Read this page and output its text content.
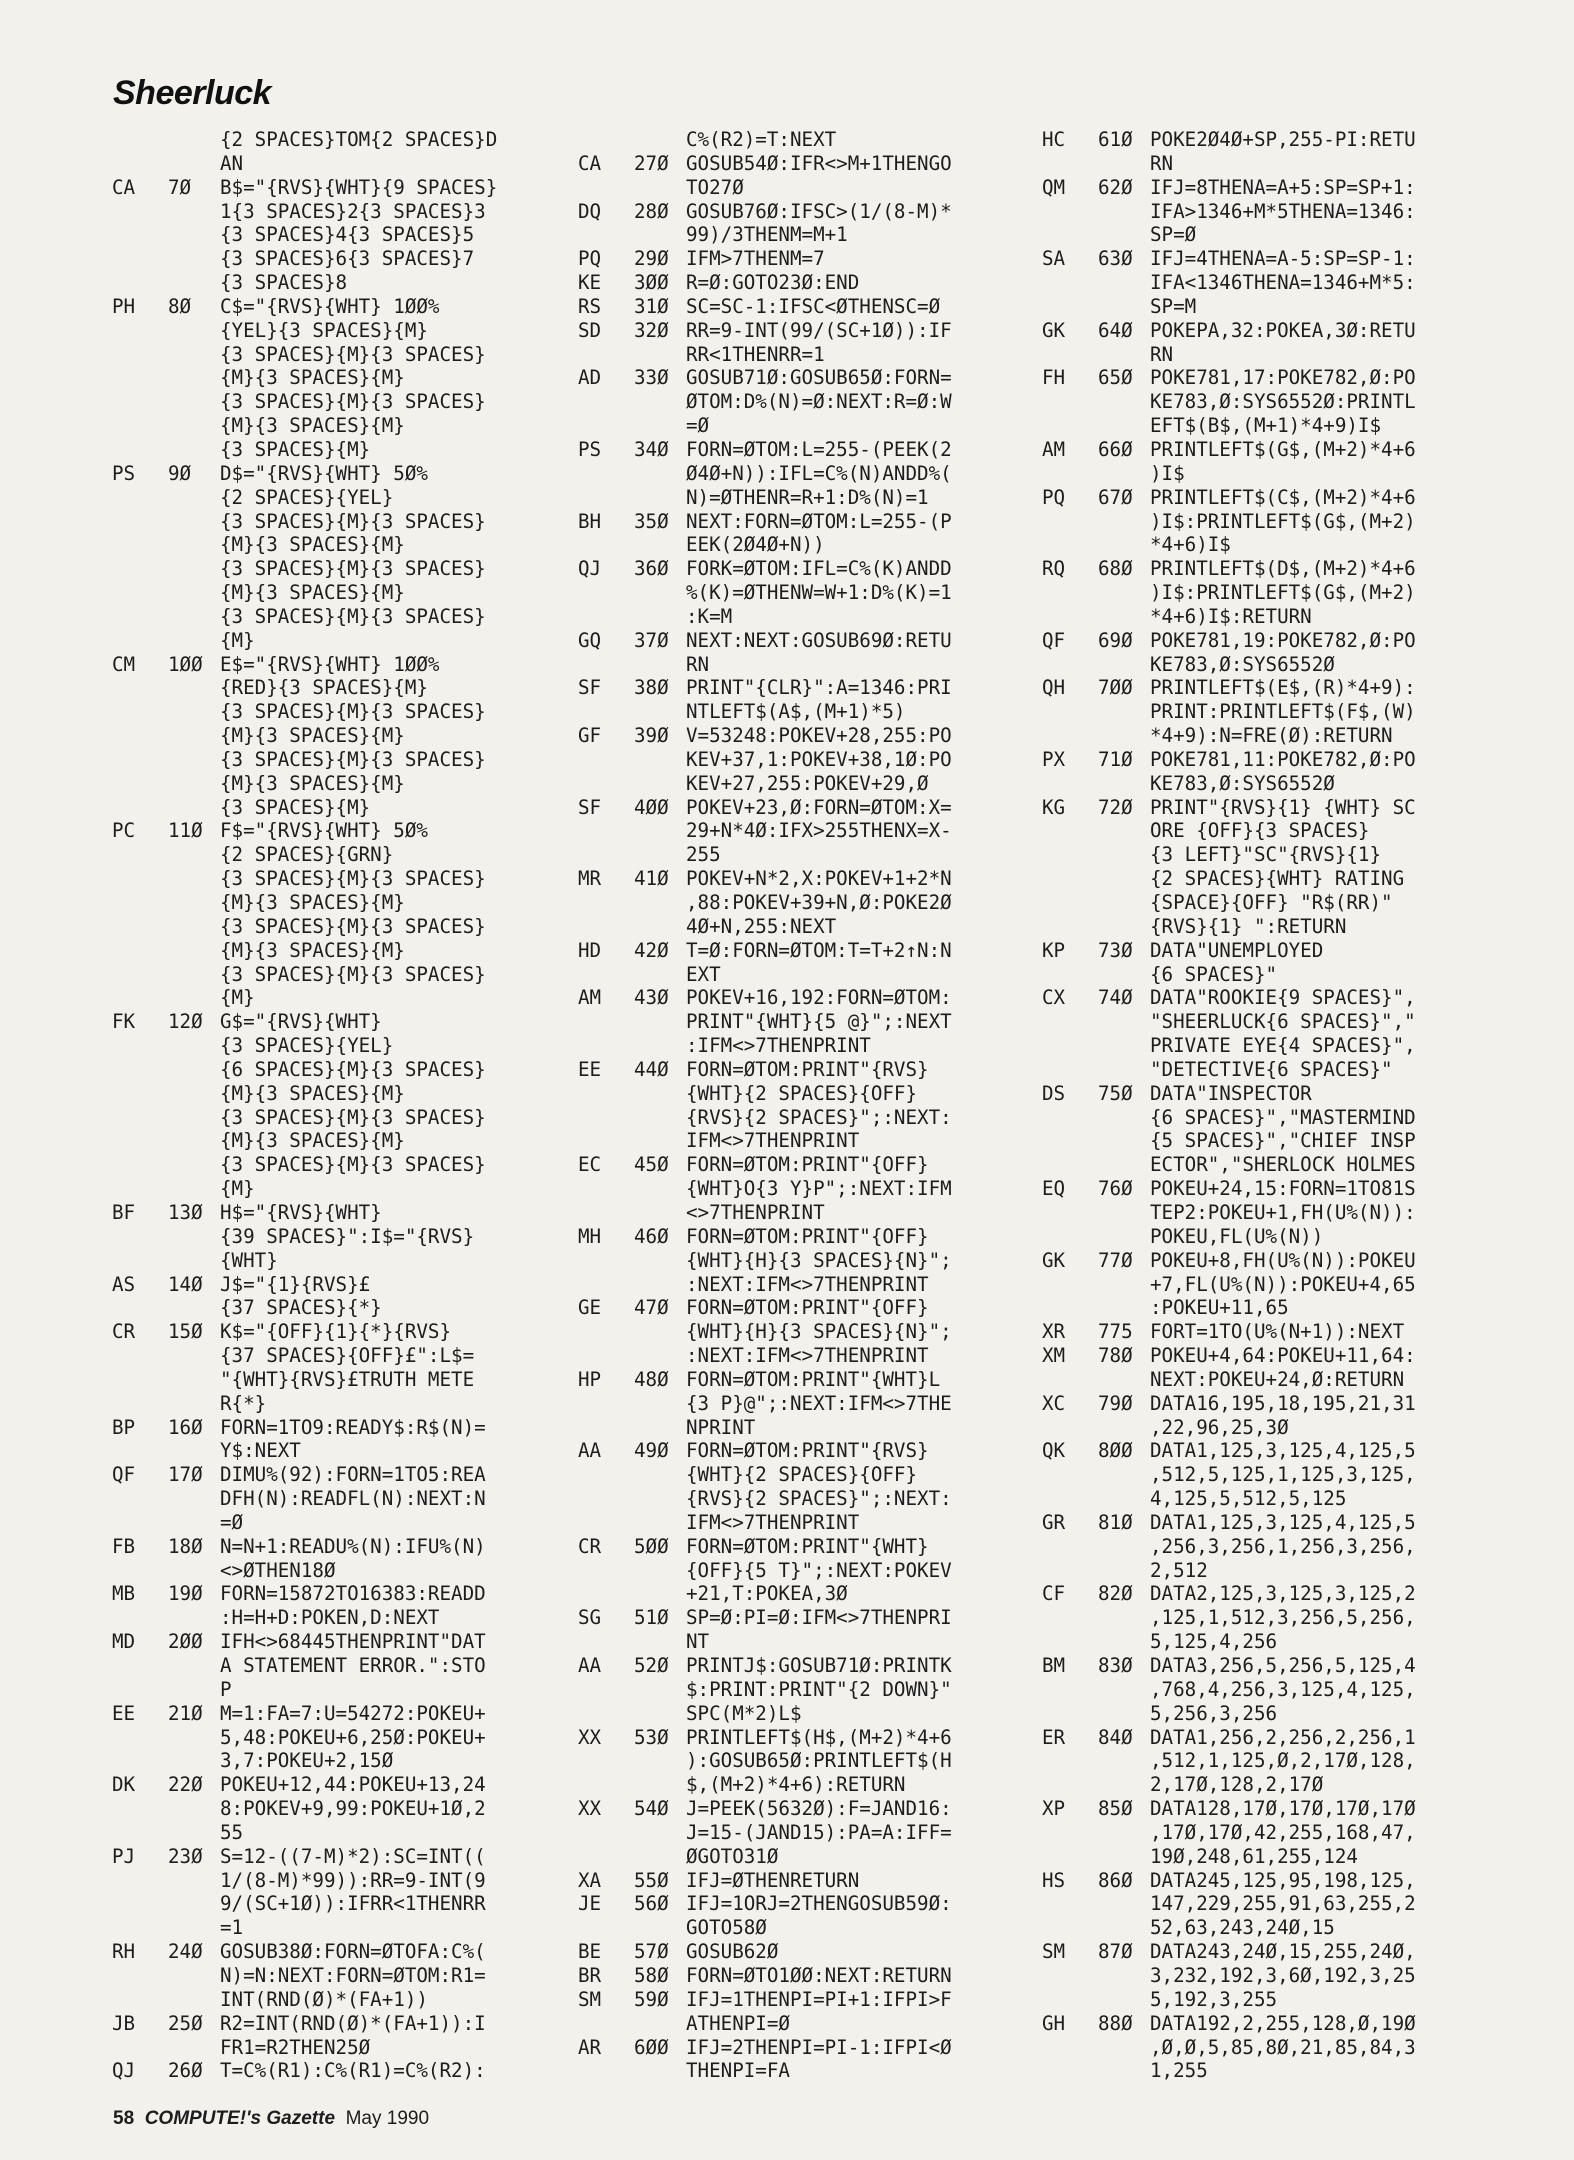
Sheerluck
{2 SPACES}TOM{2 SPACES}D
AN
CA 7Ø B$="{RVS}{WHT}{9 SPACES}
1{3 SPACES}2{3 SPACES}3
{3 SPACES}4{3 SPACES}5
{3 SPACES}6{3 SPACES}7
{3 SPACES}8
PH 8Ø C$="{RVS}{WHT} 1ØØ%
{YEL}{3 SPACES}{M}
{3 SPACES}{M}{3 SPACES}
{M}{3 SPACES}{M}
{3 SPACES}{M}{3 SPACES}
{M}{3 SPACES}{M}
{3 SPACES}{M}
PS 9Ø D$="{RVS}{WHT} 5Ø%
{2 SPACES}{YEL}
{3 SPACES}{M}{3 SPACES}
{M}{3 SPACES}{M}
{3 SPACES}{M}{3 SPACES}
{M}{3 SPACES}{M}
{3 SPACES}{M}{3 SPACES}
{M}
CM 1ØØ E$="{RVS}{WHT} 1ØØ%
{RED}{3 SPACES}{M}
{3 SPACES}{M}{3 SPACES}
{M}{3 SPACES}{M}
{3 SPACES}{M}{3 SPACES}
{M}{3 SPACES}{M}
{3 SPACES}{M}
PC 11Ø F$="{RVS}{WHT} 5Ø%
{2 SPACES}{GRN}
{3 SPACES}{M}{3 SPACES}
{M}{3 SPACES}{M}
{3 SPACES}{M}{3 SPACES}
{M}{3 SPACES}{M}
{3 SPACES}{M}{3 SPACES}
{M}
FK 12Ø G$="{RVS}{WHT}
{3 SPACES}{YEL}
{6 SPACES}{M}{3 SPACES}
{M}{3 SPACES}{M}
{3 SPACES}{M}{3 SPACES}
{M}{3 SPACES}{M}
{3 SPACES}{M}{3 SPACES}
{M}
BF 13Ø H$="{RVS}{WHT}
{39 SPACES}":I$="{RVS}
{WHT}
AS 14Ø J$="{1}{RVS}£
{37 SPACES}{*}
CR 15Ø K$="{OFF}{1}{*}{RVS}
{37 SPACES}{OFF}£":L$=
"{WHT}{RVS}£TRUTH METE
R{*}
BP 16Ø FORN=1TO9:READY$:R$(N)=
Y$:NEXT
QF 17Ø DIMU%(92):FORN=1TO5:REA
DFH(N):READFL(N):NEXT:N
=Ø
FB 18Ø N=N+1:READU%(N):IFU%(N)
<>ØTHEN18Ø
MB 19Ø FORN=15872TO16383:READD
:H=H+D:POKEN,D:NEXT
MD 2ØØ IFH<>68445THENPRINT"DAT
A STATEMENT ERROR.":STO
P
EE 21Ø M=1:FA=7:U=54272:POKEU+
5,48:POKEU+6,25Ø:POKEU+
3,7:POKEU+2,15Ø
DK 22Ø POKEU+12,44:POKEU+13,24
8:POKEV+9,99:POKEU+1Ø,2
55
PJ 23Ø S=12-((7-M)*2):SC=INT((
1/(8-M)*99)):RR=9-INT(9
9/(SC+1Ø)):IFRR<1THENRR
=1
RH 24Ø GOSUB38Ø:FORN=ØTOFA:C%(
N)=N:NEXT:FORN=ØTOM:R1=
INT(RND(Ø)*(FA+1))
JB 25Ø R2=INT(RND(Ø)*(FA+1)):I
FR1=R2THEN25Ø
QJ 26Ø T=C%(R1):C%(R1)=C%(R2):
C%(R2)=T:NEXT
CA 27Ø GOSUB54Ø:IFR<>M+1THENGO
TO27Ø
DQ 28Ø GOSUB76Ø:IFSC>(1/(8-M)*
99)/3THENM=M+1
PQ 29Ø IFM>7THENM=7
KE 3ØØ R=Ø:GOTO23Ø:END
RS 31Ø SC=SC-1:IFSC<ØTHENSC=Ø
SD 32Ø RR=9-INT(99/(SC+1Ø)):IF
RR<1THENRR=1
AD 33Ø GOSUB71Ø:GOSUB65Ø:FORN=
ØTOM:D%(N)=Ø:NEXT:R=Ø:W
=Ø
PS 34Ø FORN=ØTOM:L=255-(PEEK(2
Ø4Ø+N)):IFL=C%(N)ANDD%(
N)=ØTHENR=R+1:D%(N)=1
BH 35Ø NEXT:FORN=ØTOM:L=255-(P
EEK(2Ø4Ø+N))
QJ 36Ø FORK=ØTOM:IFL=C%(K)ANDD
%(K)=ØTHENW=W+1:D%(K)=1
:K=M
GQ 37Ø NEXT:NEXT:GOSUB69Ø:RETU
RN
SF 38Ø PRINT"{CLR}":A=1346:PRI
NTLEFT$(A$,(M+1)*5)
GF 39Ø V=53248:POKEV+28,255:PO
KEV+37,1:POKEV+38,1Ø:PO
KEV+27,255:POKEV+29,Ø
SF 4ØØ POKEV+23,Ø:FORN=ØTOM:X=
29+N*4Ø:IFX>255THENX=X-
255
MR 41Ø POKEV+N*2,X:POKEV+1+2*N
,88:POKEV+39+N,Ø:POKE2Ø
4Ø+N,255:NEXT
HD 42Ø T=Ø:FORN=ØTOM:T=T+2↑N:N
EXT
AM 43Ø POKEV+16,192:FORN=ØTOM:
PRINT"{WHT}{5 @}";:NEXT
:IFM<>7THENPRINT
EE 44Ø FORN=ØTOM:PRINT"{RVS}
{WHT}{2 SPACES}{OFF}
{RVS}{2 SPACES}";:NEXT:
IFM<>7THENPRINT
EC 45Ø FORN=ØTOM:PRINT"{OFF}
{WHT}O{3 Y}P";:NEXT:IFM
<>7THENPRINT
MH 46Ø FORN=ØTOM:PRINT"{OFF}
{WHT}{H}{3 SPACES}{N}";
:NEXT:IFM<>7THENPRINT
GE 47Ø FORN=ØTOM:PRINT"{OFF}
{WHT}{H}{3 SPACES}{N}";
:NEXT:IFM<>7THENPRINT
HP 48Ø FORN=ØTOM:PRINT"{WHT}L
{3 P}@";:NEXT:IFM<>7THE
NPRINT
AA 49Ø FORN=ØTOM:PRINT"{RVS}
{WHT}{2 SPACES}{OFF}
{RVS}{2 SPACES}";:NEXT:
IFM<>7THENPRINT
CR 5ØØ FORN=ØTOM:PRINT"{WHT}
{OFF}{5 T}";:NEXT:POKEV
+21,T:POKEA,3Ø
SG 51Ø SP=Ø:PI=Ø:IFM<>7THENPRI
NT
AA 52Ø PRINTJ$:GOSUB71Ø:PRINTK
$:PRINT:PRINT"{2 DOWN}"
SPC(M*2)L$
XX 53Ø PRINTLEFT$(H$,(M+2)*4+6
):GOSUB65Ø:PRINTLEFT$(H
$,(M+2)*4+6):RETURN
XX 54Ø J=PEEK(5632Ø):F=JAND16:
J=15-(JAND15):PA=A:IFF=
ØGOTO31Ø
XA 55Ø IFJ=ØTHENRETURN
JE 56Ø IFJ=1ORJ=2THENGOSUB59Ø:
GOTO58Ø
BE 57Ø GOSUB62Ø
BR 58Ø FORN=ØTO1ØØ:NEXT:RETURN
SM 59Ø IFJ=1THENPI=PI+1:IFPI>F
ATHENPI=Ø
AR 6ØØ IFJ=2THENPI=PI-1:IFPI<Ø
THENPI=FA
HC 61Ø POKE2Ø4Ø+SP,255-PI:RETU
RN
QM 62Ø IFJ=8THENA=A+5:SP=SP+1:
IFA>1346+M*5THENA=1346:
SP=Ø
SA 63Ø IFJ=4THENA=A-5:SP=SP-1:
IFA<1346THENA=1346+M*5:
SP=M
GK 64Ø POKEPA,32:POKEA,3Ø:RETU
RN
FH 65Ø POKE781,17:POKE782,Ø:PO
KE783,Ø:SYS6552Ø:PRINTL
EFT$(B$,(M+1)*4+9)I$
AM 66Ø PRINTLEFT$(G$,(M+2)*4+6
)I$
PQ 67Ø PRINTLEFT$(C$,(M+2)*4+6
)I$:PRINTLEFT$(G$,(M+2)
*4+6)I$
RQ 68Ø PRINTLEFT$(D$,(M+2)*4+6
)I$:PRINTLEFT$(G$,(M+2)
*4+6)I$:RETURN
QF 69Ø POKE781,19:POKE782,Ø:PO
KE783,Ø:SYS6552Ø
QH 7ØØ PRINTLEFT$(E$,(R)*4+9):
PRINT:PRINTLEFT$(F$,(W)
*4+9):N=FRE(Ø):RETURN
PX 71Ø POKE781,11:POKE782,Ø:PO
KE783,Ø:SYS6552Ø
KG 72Ø PRINT"{RVS}{1} {WHT} SC
ORE {OFF}{3 SPACES}
{3 LEFT}"SC"{RVS}{1}
{2 SPACES}{WHT} RATING
{SPACE}{OFF} "R$(RR)"
{RVS}{1} ":RETURN
KP 73Ø DATA"UNEMPLOYED
{6 SPACES}"
CX 74Ø DATA"ROOKIE{9 SPACES}",
"SHEERLUCK{6 SPACES}","
PRIVATE EYE{4 SPACES}",
"DETECTIVE{6 SPACES}"
DS 75Ø DATA"INSPECTOR
{6 SPACES}","MASTERMIND
{5 SPACES}","CHIEF INSP
ECTOR","SHERLOCK HOLMES
EQ 76Ø POKEU+24,15:FORN=1TO81S
TEP2:POKEU+1,FH(U%(N)):
POKEU,FL(U%(N))
GK 77Ø POKEU+8,FH(U%(N)):POKEU
+7,FL(U%(N)):POKEU+4,65
:POKEU+11,65
XR 775 FORT=1TO(U%(N+1)):NEXT
XM 78Ø POKEU+4,64:POKEU+11,64:
NEXT:POKEU+24,Ø:RETURN
XC 79Ø DATA16,195,18,195,21,31
,22,96,25,3Ø
QK 8ØØ DATA1,125,3,125,4,125,5
,512,5,125,1,125,3,125,
4,125,5,512,5,125
GR 81Ø DATA1,125,3,125,4,125,5
,256,3,256,1,256,3,256,
2,512
CF 82Ø DATA2,125,3,125,3,125,2
,125,1,512,3,256,5,256,
5,125,4,256
BM 83Ø DATA3,256,5,256,5,125,4
,768,4,256,3,125,4,125,
5,256,3,256
ER 84Ø DATA1,256,2,256,2,256,1
,512,1,125,Ø,2,17Ø,128,
2,17Ø,128,2,17Ø
XP 85Ø DATA128,17Ø,17Ø,17Ø,17Ø
,17Ø,17Ø,42,255,168,47,
19Ø,248,61,255,124
HS 86Ø DATA245,125,95,198,125,
147,229,255,91,63,255,2
52,63,243,24Ø,15
SM 87Ø DATA243,24Ø,15,255,24Ø,
3,232,192,3,6Ø,192,3,25
5,192,3,255
GH 88Ø DATA192,2,255,128,Ø,19Ø
,Ø,Ø,5,85,8Ø,21,85,84,3
1,255
58 COMPUTE!'s Gazette May 1990
